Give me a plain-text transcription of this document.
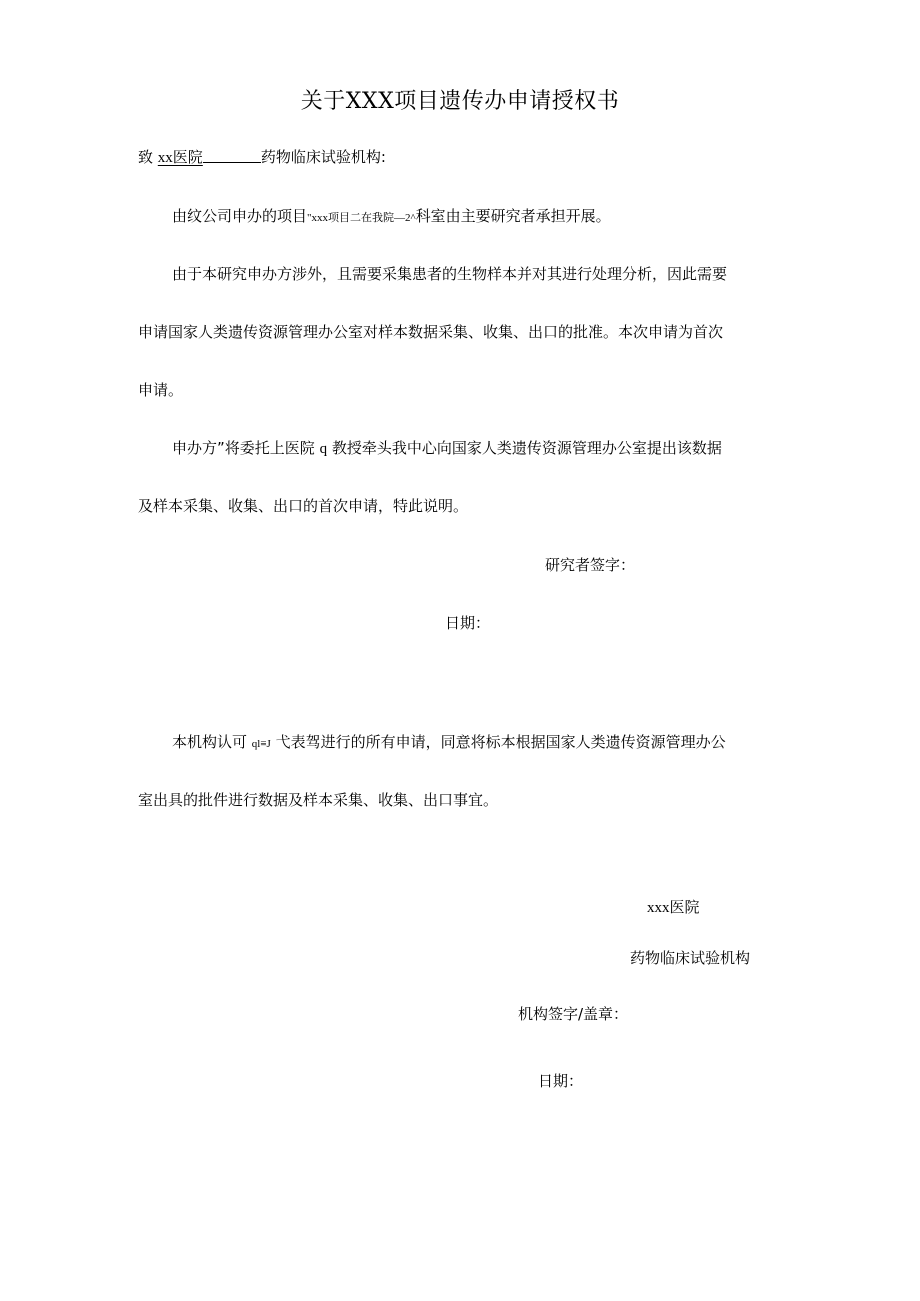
关于XXX项目遗传办申请授权书
致 xx医院	药物临床试验机构:
由纹公司申办的项目"xxx项目二在我院—2^科室由主要研究者承担开展。
由于本研究申办方涉外，且需要采集患者的生物样本并对其进行处理分析，因此需要
申请国家人类遗传资源管理办公室对样本数据采集、收集、出口的批准。本次申请为首次
申请。
申办方”将委托上医院 q 教授牵头我中心向国家人类遗传资源管理办公室提出该数据
及样本采集、收集、出口的首次申请，特此说明。
研究者签字：
日期：
本机构认可 ql≡J 弋表驾进行的所有申请，同意将标本根据国家人类遗传资源管理办公
室出具的批件进行数据及样本采集、收集、出口事宜。
xxx医院
药物临床试验机构
机构签字/盖章：
日期：
